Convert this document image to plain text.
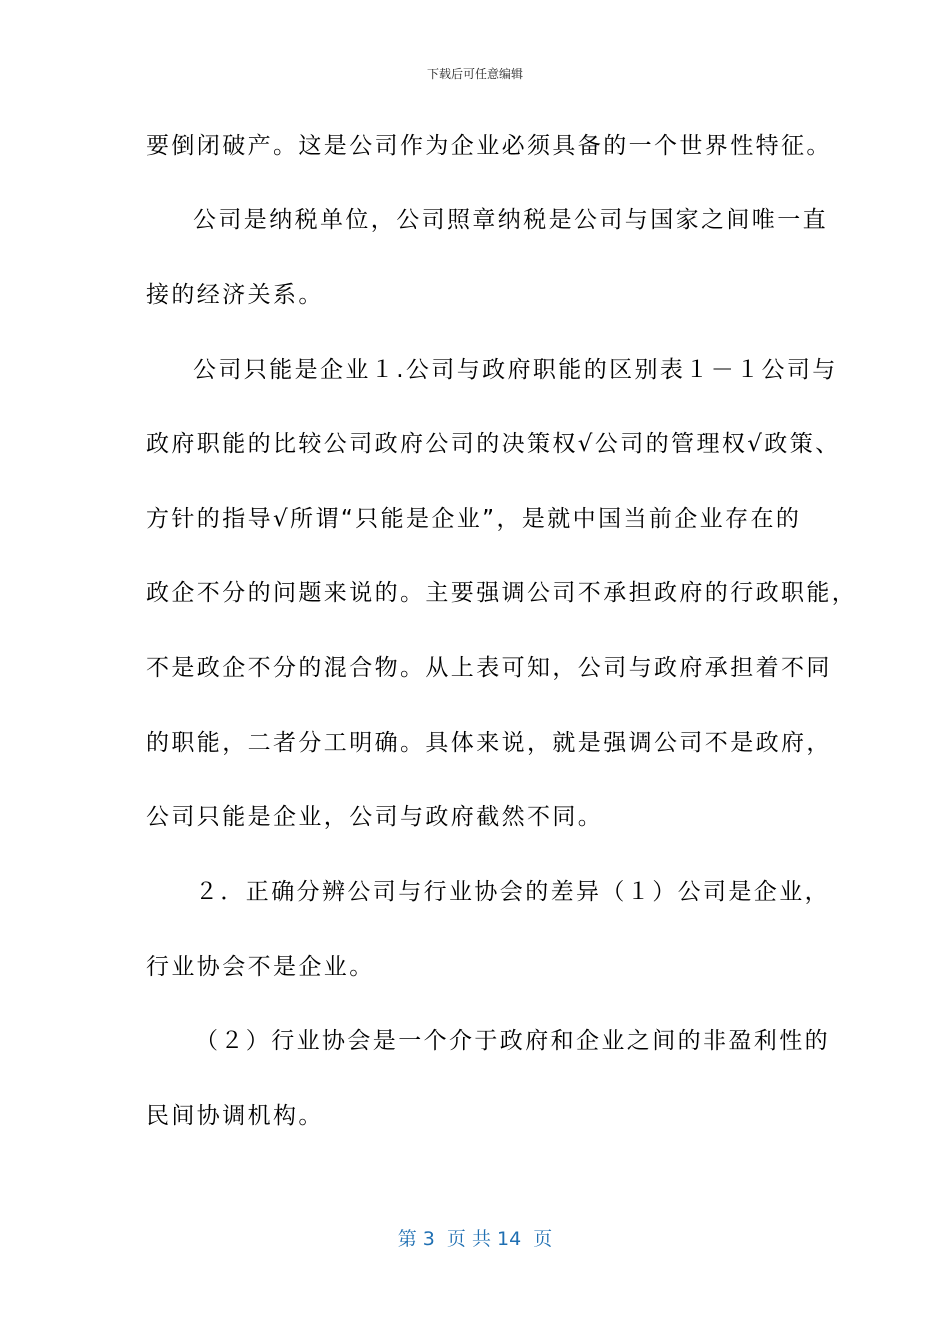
下载后可任意编辑
要倒闭破产。这是公司作为企业必须具备的一个世界性特征。
公司是纳税单位，公司照章纳税是公司与国家之间唯一直
接的经济关系。
公司只能是企业１.公司与政府职能的区别表１－１公司与
政府职能的比较公司政府公司的决策权√公司的管理权√政策、
方针的指导√所谓“只能是企业”，是就中国当前企业存在的
政企不分的问题来说的。主要强调公司不承担政府的行政职能，
不是政企不分的混合物。从上表可知，公司与政府承担着不同
的职能，二者分工明确。具体来说，就是强调公司不是政府，
公司只能是企业，公司与政府截然不同。
２．正确分辨公司与行业协会的差异（１）公司是企业，
行业协会不是企业。
（２）行业协会是一个介于政府和企业之间的非盈利性的
民间协调机构。
第 3  页 共 14  页
